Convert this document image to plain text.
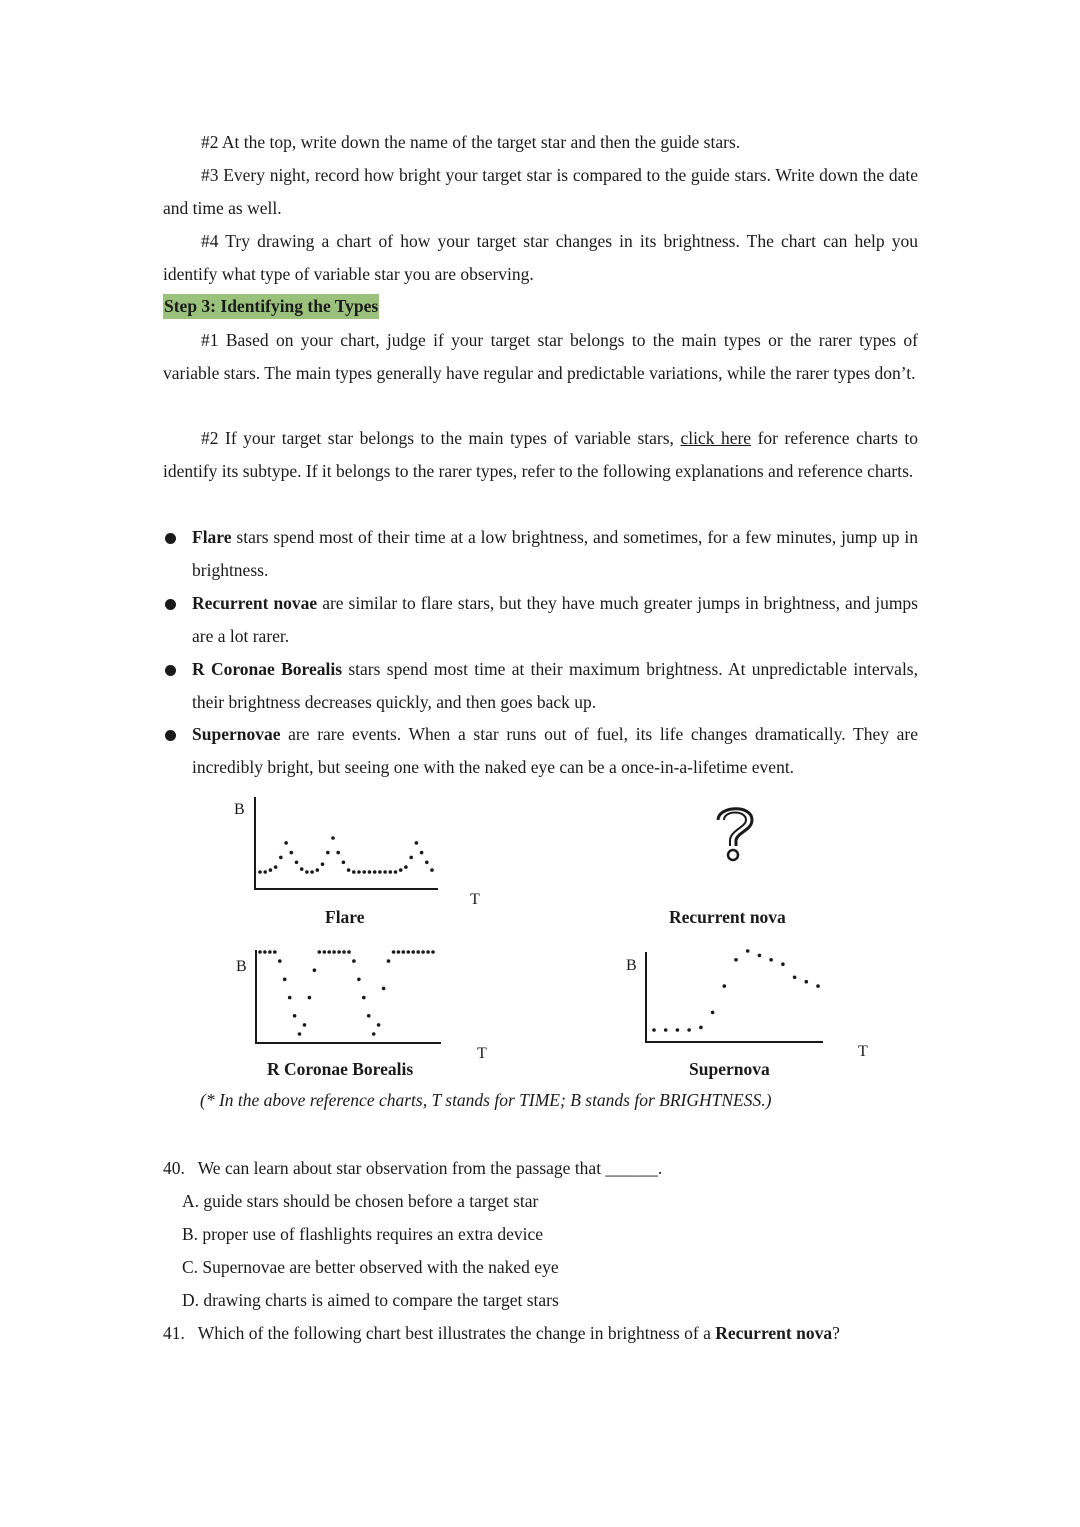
#2 At the top, write down the name of the target star and then the guide stars.

#3 Every night, record how bright your target star is compared to the guide stars. Write down the date and time as well.

#4 Try drawing a chart of how your target star changes in its brightness. The chart can help you identify what type of variable star you are observing.

Step 3: Identifying the Types

#1 Based on your chart, judge if your target star belongs to the main types or the rarer types of variable stars. The main types generally have regular and predictable variations, while the rarer types don’t.

#2 If your target star belongs to the main types of variable stars, click here for reference charts to identify its subtype. If it belongs to the rarer types, refer to the following explanations and reference charts.

Flare stars spend most of their time at a low brightness, and sometimes, for a few minutes, jump up in brightness.
Recurrent novae are similar to flare stars, but they have much greater jumps in brightness, and jumps are a lot rarer.
R Coronae Borealis stars spend most time at their maximum brightness. At unpredictable intervals, their brightness decreases quickly, and then goes back up.
Supernovae are rare events. When a star runs out of fuel, its life changes dramatically. They are incredibly bright, but seeing one with the naked eye can be a once-in-a-lifetime event.
B
T
B
T
B
T
Flare	Recurrent nova
R Coronae Borealis	Supernova
(* In the above reference charts, T stands for TIME; B stands for BRIGHTNESS.)
40. We can learn about star observation from the passage that ______.
A. guide stars should be chosen before a target star
B. proper use of flashlights requires an extra device
C. Supernovae are better observed with the naked eye
D. drawing charts is aimed to compare the target stars
41. Which of the following chart best illustrates the change in brightness of a Recurrent nova?
